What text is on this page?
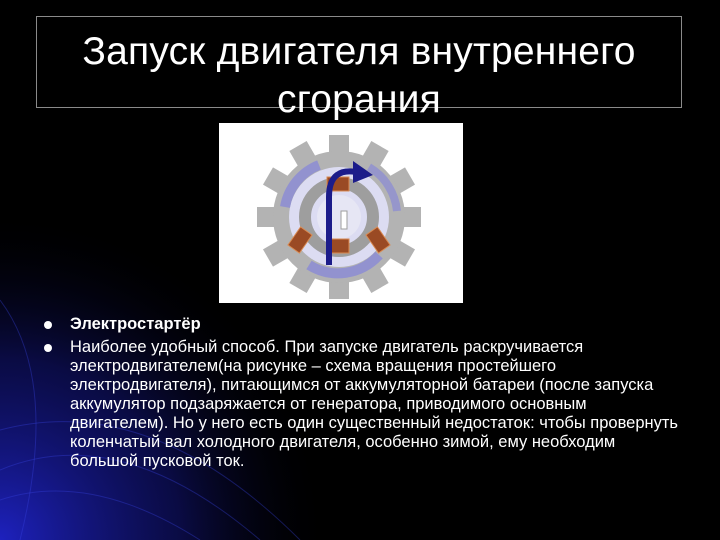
Запуск двигателя внутреннего сгорания
Электростартёр
Наиболее удобный способ. При запуске двигатель раскручивается электродвигателем(на рисунке – схема вращения простейшего электродвигателя), питающимся от аккумуляторной батареи (после запуска аккумулятор подзаряжается от генератора, приводимого основным двигателем). Но у него есть один существенный недостаток: чтобы провернуть коленчатый вал холодного двигателя, особенно зимой, ему необходим большой пусковой ток.
